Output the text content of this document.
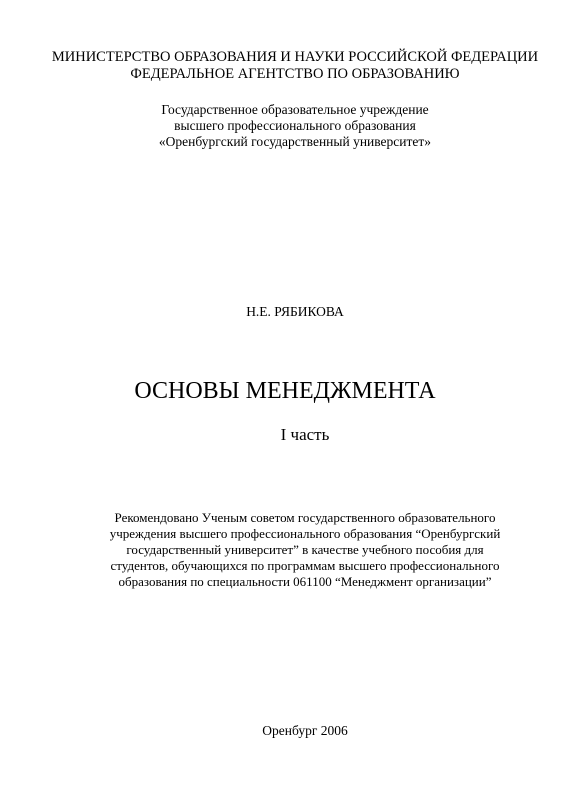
МИНИСТЕРСТВО ОБРАЗОВАНИЯ И НАУКИ РОССИЙСКОЙ ФЕДЕРАЦИИ
ФЕДЕРАЛЬНОЕ АГЕНТСТВО ПО ОБРАЗОВАНИЮ
Государственное образовательное учреждение
высшего профессионального образования
«Оренбургский государственный университет»
Н.Е. РЯБИКОВА
ОСНОВЫ МЕНЕДЖМЕНТА
I часть
Рекомендовано Ученым советом государственного образовательного
учреждения высшего профессионального образования “Оренбургский
государственный университет” в качестве учебного пособия для
студентов, обучающихся по программам высшего профессионального
образования по специальности 061100 “Менеджмент организации”
Оренбург 2006
